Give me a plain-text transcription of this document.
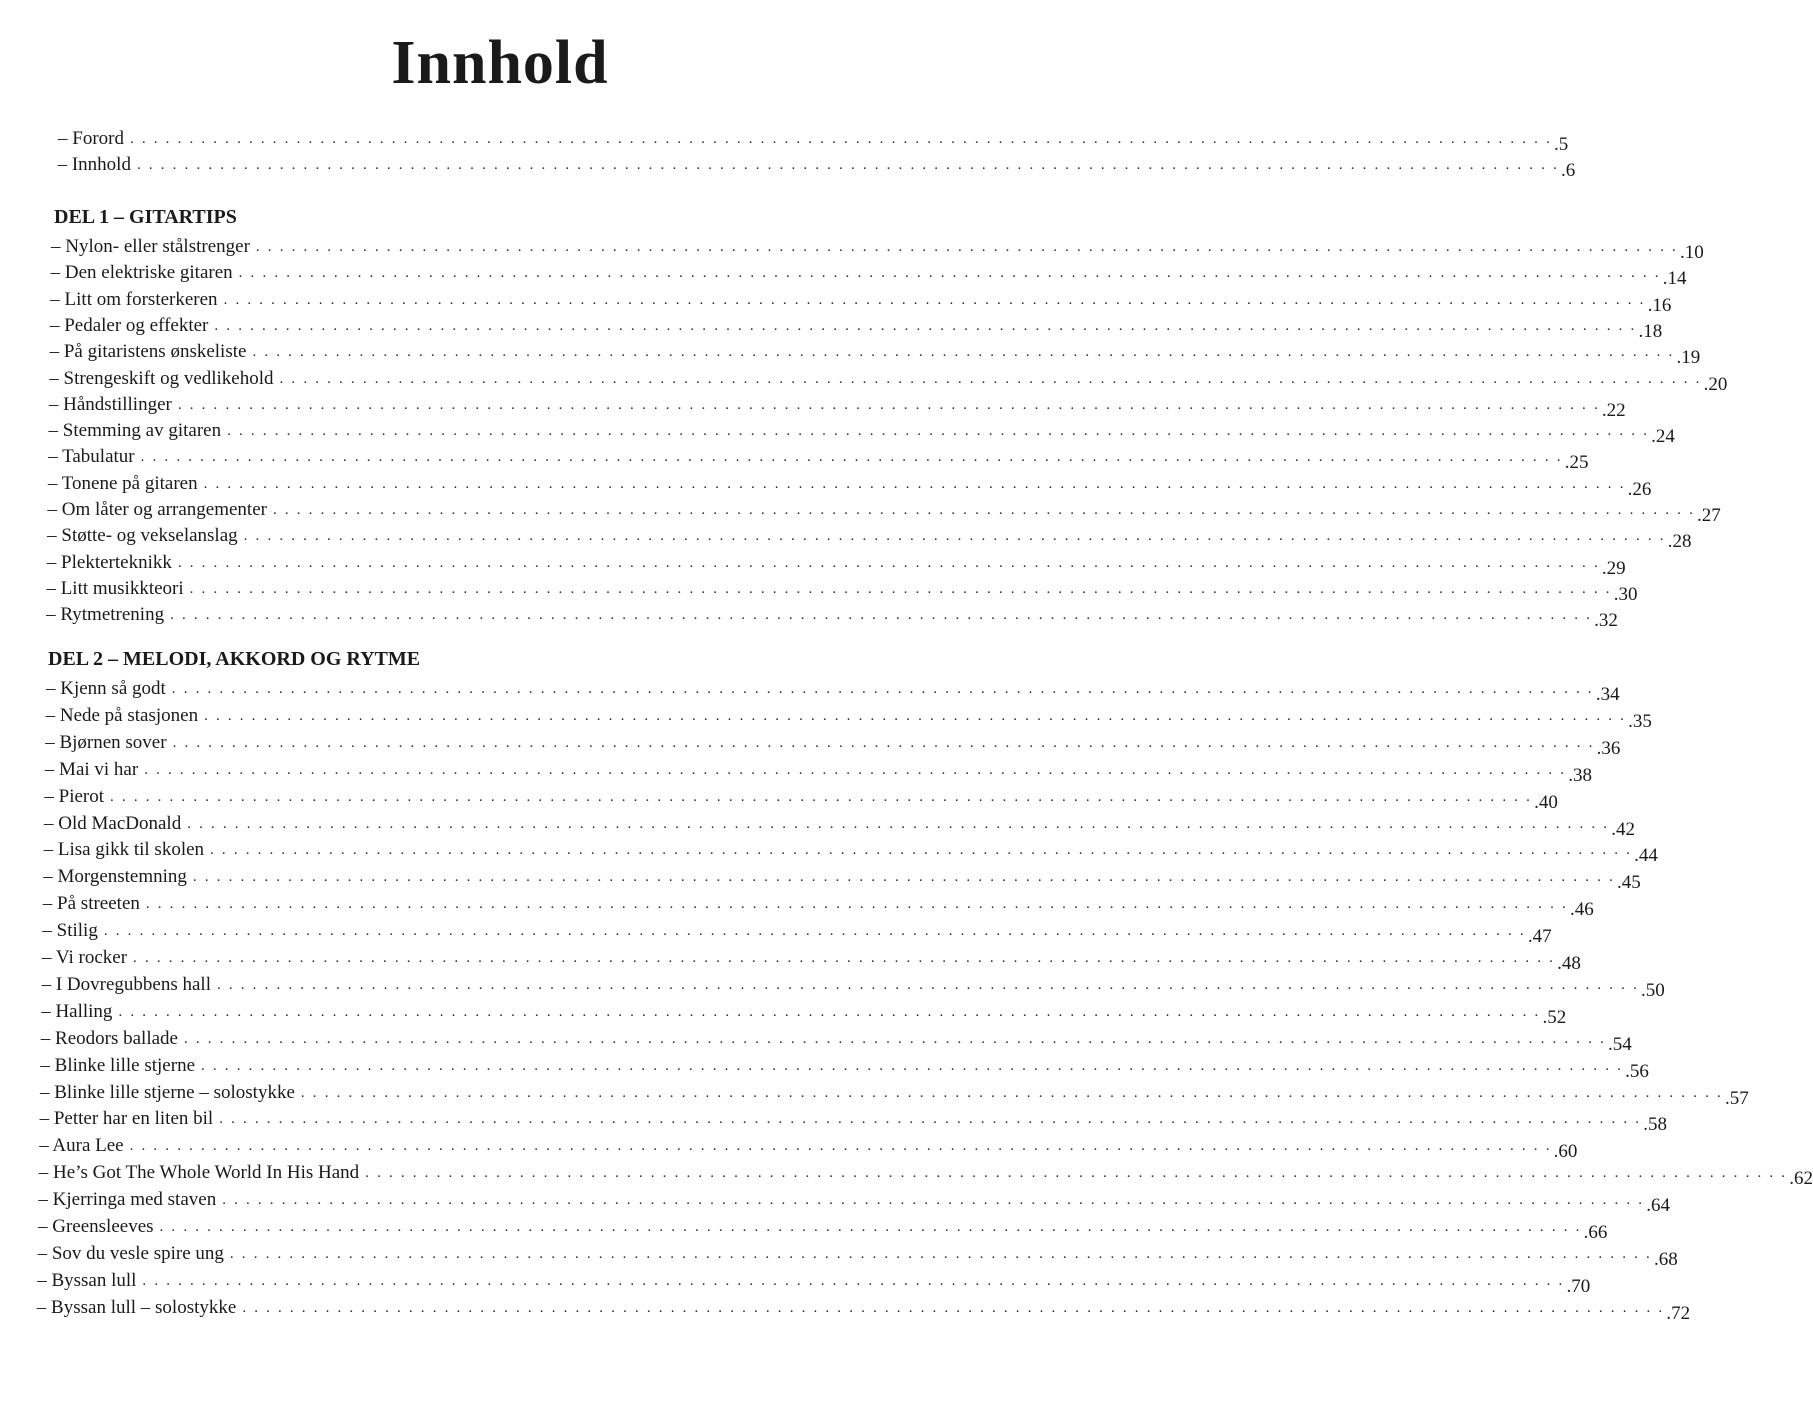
Innhold
– Forord . . . . . . . . . . . . . . . . . . . . . . . . . . . . . . . . . . . . . . . . . . . . . . . . . . . . . . . . . . . . . . . . . . . . . . . . . . . . . . . . . . . . . . . . . . . . . . . . . . . . . . . . . . . . . . . . . . . . . . . . .5
– Innhold . . . . . . . . . . . . . . . . . . . . . . . . . . . . . . . . . . . . . . . . . . . . . . . . . . . . . . . . . . . . . . . . . . . . . . . . . . . . . . . . . . . . . . . . . . . . . . . . . . . . . . . . . . . . . . . . . . . . . . . . .6
DEL 1 – GITARTIPS
– Nylon- eller stålstrenger . . . . . . . . . . . . . . . . . . . . . . . . . . . . . . . . . . . . . . . . . . . . . . . . . . . . . . . . . . . . . . . . . . . . . . . . . . . . . . . . . . . . . . . . . . . . . . . . . . . . . . . . . . . . . . . . . . . . . . . . .10
– Den elektriske gitaren . . . . . . . . . . . . . . . . . . . . . . . . . . . . . . . . . . . . . . . . . . . . . . . . . . . . . . . . . . . . . . . . . . . . . . . . . . . . . . . . . . . . . . . . . . . . . . . . . . . . . . . . . . . . . . . . . . . . . . . . .14
– Litt om forsterkeren . . . . . . . . . . . . . . . . . . . . . . . . . . . . . . . . . . . . . . . . . . . . . . . . . . . . . . . . . . . . . . . . . . . . . . . . . . . . . . . . . . . . . . . . . . . . . . . . . . . . . . . . . . . . . . . . . . . . . . . . .16
– Pedaler og effekter . . . . . . . . . . . . . . . . . . . . . . . . . . . . . . . . . . . . . . . . . . . . . . . . . . . . . . . . . . . . . . . . . . . . . . . . . . . . . . . . . . . . . . . . . . . . . . . . . . . . . . . . . . . . . . . . . . . . . . . . .18
– På gitaristens ønskeliste . . . . . . . . . . . . . . . . . . . . . . . . . . . . . . . . . . . . . . . . . . . . . . . . . . . . . . . . . . . . . . . . . . . . . . . . . . . . . . . . . . . . . . . . . . . . . . . . . . . . . . . . . . . . . . . . . . . . . . . . .19
– Strengeskift og vedlikehold . . . . . . . . . . . . . . . . . . . . . . . . . . . . . . . . . . . . . . . . . . . . . . . . . . . . . . . . . . . . . . . . . . . . . . . . . . . . . . . . . . . . . . . . . . . . . . . . . . . . . . . . . . . . . . . . . . . . . . . . .20
– Håndstillinger . . . . . . . . . . . . . . . . . . . . . . . . . . . . . . . . . . . . . . . . . . . . . . . . . . . . . . . . . . . . . . . . . . . . . . . . . . . . . . . . . . . . . . . . . . . . . . . . . . . . . . . . . . . . . . . . . . . . . . . . .22
– Stemming av gitaren . . . . . . . . . . . . . . . . . . . . . . . . . . . . . . . . . . . . . . . . . . . . . . . . . . . . . . . . . . . . . . . . . . . . . . . . . . . . . . . . . . . . . . . . . . . . . . . . . . . . . . . . . . . . . . . . . . . . . . . . .24
– Tabulatur . . . . . . . . . . . . . . . . . . . . . . . . . . . . . . . . . . . . . . . . . . . . . . . . . . . . . . . . . . . . . . . . . . . . . . . . . . . . . . . . . . . . . . . . . . . . . . . . . . . . . . . . . . . . . . . . . . . . . . . . .25
– Tonene på gitaren . . . . . . . . . . . . . . . . . . . . . . . . . . . . . . . . . . . . . . . . . . . . . . . . . . . . . . . . . . . . . . . . . . . . . . . . . . . . . . . . . . . . . . . . . . . . . . . . . . . . . . . . . . . . . . . . . . . . . . . . .26
– Om låter og arrangementer . . . . . . . . . . . . . . . . . . . . . . . . . . . . . . . . . . . . . . . . . . . . . . . . . . . . . . . . . . . . . . . . . . . . . . . . . . . . . . . . . . . . . . . . . . . . . . . . . . . . . . . . . . . . . . . . . . . . . . . . .27
– Støtte- og vekselanslag . . . . . . . . . . . . . . . . . . . . . . . . . . . . . . . . . . . . . . . . . . . . . . . . . . . . . . . . . . . . . . . . . . . . . . . . . . . . . . . . . . . . . . . . . . . . . . . . . . . . . . . . . . . . . . . . . . . . . . . . .28
– Plekterteknikk . . . . . . . . . . . . . . . . . . . . . . . . . . . . . . . . . . . . . . . . . . . . . . . . . . . . . . . . . . . . . . . . . . . . . . . . . . . . . . . . . . . . . . . . . . . . . . . . . . . . . . . . . . . . . . . . . . . . . . . . .29
– Litt musikkteori . . . . . . . . . . . . . . . . . . . . . . . . . . . . . . . . . . . . . . . . . . . . . . . . . . . . . . . . . . . . . . . . . . . . . . . . . . . . . . . . . . . . . . . . . . . . . . . . . . . . . . . . . . . . . . . . . . . . . . . . .30
– Rytmetrening . . . . . . . . . . . . . . . . . . . . . . . . . . . . . . . . . . . . . . . . . . . . . . . . . . . . . . . . . . . . . . . . . . . . . . . . . . . . . . . . . . . . . . . . . . . . . . . . . . . . . . . . . . . . . . . . . . . . . . . . .32
DEL 2 – MELODI, AKKORD OG RYTME
– Kjenn så godt . . . . . . . . . . . . . . . . . . . . . . . . . . . . . . . . . . . . . . . . . . . . . . . . . . . . . . . . . . . . . . . . . . . . . . . . . . . . . . . . . . . . . . . . . . . . . . . . . . . . . . . . . . . . . . . . . . . . . . . . .34
– Nede på stasjonen . . . . . . . . . . . . . . . . . . . . . . . . . . . . . . . . . . . . . . . . . . . . . . . . . . . . . . . . . . . . . . . . . . . . . . . . . . . . . . . . . . . . . . . . . . . . . . . . . . . . . . . . . . . . . . . . . . . . . . . . .35
– Bjørnen sover . . . . . . . . . . . . . . . . . . . . . . . . . . . . . . . . . . . . . . . . . . . . . . . . . . . . . . . . . . . . . . . . . . . . . . . . . . . . . . . . . . . . . . . . . . . . . . . . . . . . . . . . . . . . . . . . . . . . . . . . .36
– Mai vi har . . . . . . . . . . . . . . . . . . . . . . . . . . . . . . . . . . . . . . . . . . . . . . . . . . . . . . . . . . . . . . . . . . . . . . . . . . . . . . . . . . . . . . . . . . . . . . . . . . . . . . . . . . . . . . . . . . . . . . . . .38
– Pierot . . . . . . . . . . . . . . . . . . . . . . . . . . . . . . . . . . . . . . . . . . . . . . . . . . . . . . . . . . . . . . . . . . . . . . . . . . . . . . . . . . . . . . . . . . . . . . . . . . . . . . . . . . . . . . . . . . . . . . . . .40
– Old MacDonald . . . . . . . . . . . . . . . . . . . . . . . . . . . . . . . . . . . . . . . . . . . . . . . . . . . . . . . . . . . . . . . . . . . . . . . . . . . . . . . . . . . . . . . . . . . . . . . . . . . . . . . . . . . . . . . . . . . . . . . . .42
– Lisa gikk til skolen . . . . . . . . . . . . . . . . . . . . . . . . . . . . . . . . . . . . . . . . . . . . . . . . . . . . . . . . . . . . . . . . . . . . . . . . . . . . . . . . . . . . . . . . . . . . . . . . . . . . . . . . . . . . . . . . . . . . . . . . .44
– Morgenstemning . . . . . . . . . . . . . . . . . . . . . . . . . . . . . . . . . . . . . . . . . . . . . . . . . . . . . . . . . . . . . . . . . . . . . . . . . . . . . . . . . . . . . . . . . . . . . . . . . . . . . . . . . . . . . . . . . . . . . . . . .45
– På streeten . . . . . . . . . . . . . . . . . . . . . . . . . . . . . . . . . . . . . . . . . . . . . . . . . . . . . . . . . . . . . . . . . . . . . . . . . . . . . . . . . . . . . . . . . . . . . . . . . . . . . . . . . . . . . . . . . . . . . . . . .46
– Stilig . . . . . . . . . . . . . . . . . . . . . . . . . . . . . . . . . . . . . . . . . . . . . . . . . . . . . . . . . . . . . . . . . . . . . . . . . . . . . . . . . . . . . . . . . . . . . . . . . . . . . . . . . . . . . . . . . . . . . . . . .47
– Vi rocker . . . . . . . . . . . . . . . . . . . . . . . . . . . . . . . . . . . . . . . . . . . . . . . . . . . . . . . . . . . . . . . . . . . . . . . . . . . . . . . . . . . . . . . . . . . . . . . . . . . . . . . . . . . . . . . . . . . . . . . . .48
– I Dovregubbens hall . . . . . . . . . . . . . . . . . . . . . . . . . . . . . . . . . . . . . . . . . . . . . . . . . . . . . . . . . . . . . . . . . . . . . . . . . . . . . . . . . . . . . . . . . . . . . . . . . . . . . . . . . . . . . . . . . . . . . . . . .50
– Halling . . . . . . . . . . . . . . . . . . . . . . . . . . . . . . . . . . . . . . . . . . . . . . . . . . . . . . . . . . . . . . . . . . . . . . . . . . . . . . . . . . . . . . . . . . . . . . . . . . . . . . . . . . . . . . . . . . . . . . . . .52
– Reodors ballade . . . . . . . . . . . . . . . . . . . . . . . . . . . . . . . . . . . . . . . . . . . . . . . . . . . . . . . . . . . . . . . . . . . . . . . . . . . . . . . . . . . . . . . . . . . . . . . . . . . . . . . . . . . . . . . . . . . . . . . . .54
– Blinke lille stjerne . . . . . . . . . . . . . . . . . . . . . . . . . . . . . . . . . . . . . . . . . . . . . . . . . . . . . . . . . . . . . . . . . . . . . . . . . . . . . . . . . . . . . . . . . . . . . . . . . . . . . . . . . . . . . . . . . . . . . . . . .56
– Blinke lille stjerne – solostykke . . . . . . . . . . . . . . . . . . . . . . . . . . . . . . . . . . . . . . . . . . . . . . . . . . . . . . . . . . . . . . . . . . . . . . . . . . . . . . . . . . . . . . . . . . . . . . . . . . . . . . . . . . . . . . . . . . . . . . . . .57
– Petter har en liten bil . . . . . . . . . . . . . . . . . . . . . . . . . . . . . . . . . . . . . . . . . . . . . . . . . . . . . . . . . . . . . . . . . . . . . . . . . . . . . . . . . . . . . . . . . . . . . . . . . . . . . . . . . . . . . . . . . . . . . . . . .58
– Aura Lee . . . . . . . . . . . . . . . . . . . . . . . . . . . . . . . . . . . . . . . . . . . . . . . . . . . . . . . . . . . . . . . . . . . . . . . . . . . . . . . . . . . . . . . . . . . . . . . . . . . . . . . . . . . . . . . . . . . . . . . . .60
– He’s Got The Whole World In His Hand . . . . . . . . . . . . . . . . . . . . . . . . . . . . . . . . . . . . . . . . . . . . . . . . . . . . . . . . . . . . . . . . . . . . . . . . . . . . . . . . . . . . . . . . . . . . . . . . . . . . . . . . . . . . . . . . . . . . . . . . .62
– Kjerringa med staven . . . . . . . . . . . . . . . . . . . . . . . . . . . . . . . . . . . . . . . . . . . . . . . . . . . . . . . . . . . . . . . . . . . . . . . . . . . . . . . . . . . . . . . . . . . . . . . . . . . . . . . . . . . . . . . . . . . . . . . . .64
– Greensleeves . . . . . . . . . . . . . . . . . . . . . . . . . . . . . . . . . . . . . . . . . . . . . . . . . . . . . . . . . . . . . . . . . . . . . . . . . . . . . . . . . . . . . . . . . . . . . . . . . . . . . . . . . . . . . . . . . . . . . . . . .66
– Sov du vesle spire ung . . . . . . . . . . . . . . . . . . . . . . . . . . . . . . . . . . . . . . . . . . . . . . . . . . . . . . . . . . . . . . . . . . . . . . . . . . . . . . . . . . . . . . . . . . . . . . . . . . . . . . . . . . . . . . . . . . . . . . . . .68
– Byssan lull . . . . . . . . . . . . . . . . . . . . . . . . . . . . . . . . . . . . . . . . . . . . . . . . . . . . . . . . . . . . . . . . . . . . . . . . . . . . . . . . . . . . . . . . . . . . . . . . . . . . . . . . . . . . . . . . . . . . . . . . .70
– Byssan lull – solostykke . . . . . . . . . . . . . . . . . . . . . . . . . . . . . . . . . . . . . . . . . . . . . . . . . . . . . . . . . . . . . . . . . . . . . . . . . . . . . . . . . . . . . . . . . . . . . . . . . . . . . . . . . . . . . . . . . . . . . . . . .72
